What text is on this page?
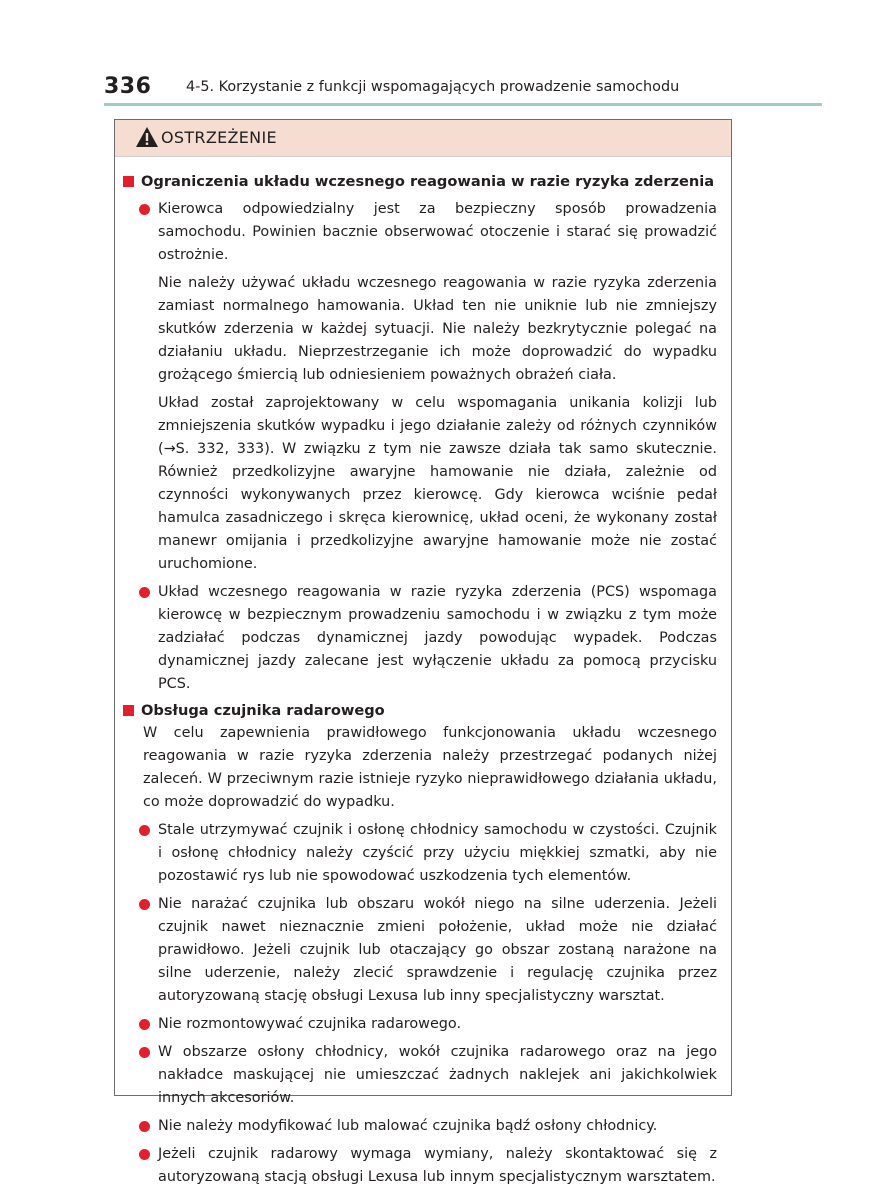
336 4-5. Korzystanie z funkcji wspomagających prowadzenie samochodu
OSTRZEŻENIE
Ograniczenia układu wczesnego reagowania w razie ryzyka zderzenia
Kierowca odpowiedzialny jest za bezpieczny sposób prowadzenia samochodu. Powinien bacznie obserwować otoczenie i starać się prowadzić ostrożnie.
Nie należy używać układu wczesnego reagowania w razie ryzyka zderzenia zamiast normalnego hamowania. Układ ten nie uniknie lub nie zmniejszy skutków zderzenia w każdej sytuacji. Nie należy bezkrytycznie polegać na działaniu układu. Nieprzestrzeganie ich może doprowadzić do wypadku grożącego śmiercią lub odniesieniem poważnych obrażeń ciała.
Układ został zaprojektowany w celu wspomagania unikania kolizji lub zmniejszenia skutków wypadku i jego działanie zależy od różnych czynników (→S. 332, 333). W związku z tym nie zawsze działa tak samo skutecznie. Również przedkolizyjne awaryjne hamowanie nie działa, zależnie od czynności wykonywanych przez kierowcę. Gdy kierowca wciśnie pedał hamulca zasadniczego i skręca kierownicę, układ oceni, że wykonany został manewr omijania i przedkolizyjne awaryjne hamowanie może nie zostać uruchomione.
Układ wczesnego reagowania w razie ryzyka zderzenia (PCS) wspomaga kierowcę w bezpiecznym prowadzeniu samochodu i w związku z tym może zadziałać podczas dynamicznej jazdy powodując wypadek. Podczas dynamicznej jazdy zalecane jest wyłączenie układu za pomocą przycisku PCS.
Obsługa czujnika radarowego
W celu zapewnienia prawidłowego funkcjonowania układu wczesnego reagowania w razie ryzyka zderzenia należy przestrzegać podanych niżej zaleceń. W przeciwnym razie istnieje ryzyko nieprawidłowego działania układu, co może doprowadzić do wypadku.
Stale utrzymywać czujnik i osłonę chłodnicy samochodu w czystości. Czujnik i osłonę chłodnicy należy czyścić przy użyciu miękkiej szmatki, aby nie pozostawić rys lub nie spowodować uszkodzenia tych elementów.
Nie narażać czujnika lub obszaru wokół niego na silne uderzenia. Jeżeli czujnik nawet nieznacznie zmieni położenie, układ może nie działać prawidłowo. Jeżeli czujnik lub otaczający go obszar zostaną narażone na silne uderzenie, należy zlecić sprawdzenie i regulację czujnika przez autoryzowaną stację obsługi Lexusa lub inny specjalistyczny warsztat.
Nie rozmontowywać czujnika radarowego.
W obszarze osłony chłodnicy, wokół czujnika radarowego oraz na jego nakładce maskującej nie umieszczać żadnych naklejek ani jakichkolwiek innych akcesoriów.
Nie należy modyfikować lub malować czujnika bądź osłony chłodnicy.
Jeżeli czujnik radarowy wymaga wymiany, należy skontaktować się z autoryzowaną stacją obsługi Lexusa lub innym specjalistycznym warsztatem.
